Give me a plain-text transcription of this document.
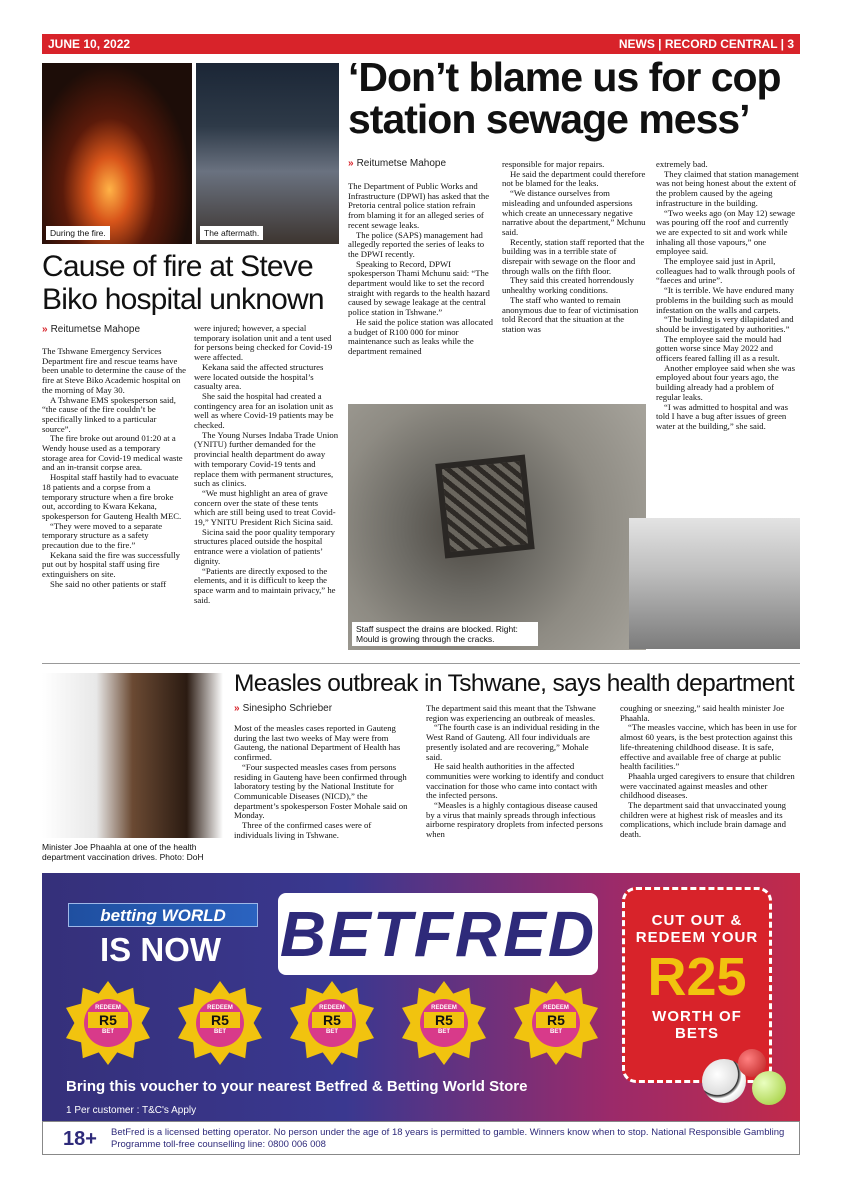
JUNE 10, 2022	NEWS | RECORD CENTRAL | 3
During the fire.	The aftermath.
‘Don’t blame us for cop station sewage mess’
Cause of fire at Steve Biko hospital unknown
» Reitumetse Mahope

The Tshwane Emergency Services Department fire and rescue teams have been unable to determine the cause of the fire at Steve Biko Academic hospital on the morning of May 30.

A Tshwane EMS spokesperson said, “the cause of the fire couldn’t be specifically linked to a particular source”.

The fire broke out around 01:20 at a Wendy house used as a temporary storage area for Covid-19 medical waste and an in-transit corpse area.

Hospital staff hastily had to evacuate 18 patients and a corpse from a temporary structure when a fire broke out, according to Kwara Kekana, spokesperson for Gauteng Health MEC.

“They were moved to a separate temporary structure as a safety precaution due to the fire.”

Kekana said the fire was successfully put out by hospital staff using fire extinguishers on site.

She said no other patients or staff

were injured; however, a special temporary isolation unit and a tent used for persons being checked for Covid-19 were affected.

Kekana said the affected structures were located outside the hospital’s casualty area.

She said the hospital had created a contingency area for an isolation unit as well as where Covid-19 patients may be checked.

The Young Nurses Indaba Trade Union (YNITU) further demanded for the provincial health department do away with temporary Covid-19 tents and replace them with permanent structures, such as clinics.

“We must highlight an area of grave concern over the state of these tents which are still being used to treat Covid-19,” YNITU President Rich Sicina said.

Sicina said the poor quality temporary structures placed outside the hospital entrance were a violation of patients’ dignity.

“Patients are directly exposed to the elements, and it is difficult to keep the space warm and to maintain privacy,” he said.

» Reitumetse Mahope

The Department of Public Works and Infrastructure (DPWI) has asked that the Pretoria central police station refrain from blaming it for an alleged series of recent sewage leaks.

The police (SAPS) management had allegedly reported the series of leaks to the DPWI recently.

Speaking to Record, DPWI spokesperson Thami Mchunu said: “The department would like to set the record straight with regards to the health hazard caused by sewage leakage at the central police station in Tshwane.”

He said the police station was allocated a budget of R100 000 for minor maintenance such as leaks while the department remained

responsible for major repairs.

He said the department could therefore not be blamed for the leaks.

“We distance ourselves from misleading and unfounded aspersions which create an unnecessary negative narrative about the department,” Mchunu said.

Recently, station staff reported that the building was in a terrible state of disrepair with sewage on the floor and through walls on the fifth floor.

They said this created horrendously unhealthy working conditions.

The staff who wanted to remain anonymous due to fear of victimisation told Record that the situation at the station was

extremely bad.

They claimed that station management was not being honest about the extent of the problem caused by the ageing infrastructure in the building.

“Two weeks ago (on May 12) sewage was pouring off the roof and currently we are expected to sit and work while inhaling all those vapours,” one employee said.

The employee said just in April, colleagues had to walk through pools of “faeces and urine”.

“It is terrible. We have endured many problems in the building such as mould infestation on the walls and carpets.

“The building is very dilapidated and should be investigated by authorities.”

The employee said the mould had gotten worse since May 2022 and officers feared falling ill as a result.

Another employee said when she was employed about four years ago, the building already had a problem of regular leaks.

“I was admitted to hospital and was told I have a bug after issues of green water at the building,” she said.

Staff suspect the drains are blocked. Right: Mould is growing through the cracks.
Minister Joe Phaahla at one of the health department vaccination drives. Photo: DoH
Measles outbreak in Tshwane, says health department
» Sinesipho Schrieber

Most of the measles cases reported in Gauteng during the last two weeks of May were from Gauteng, the national Department of Health has confirmed.

“Four suspected measles cases from persons residing in Gauteng have been confirmed through laboratory testing by the National Institute for Communicable Diseases (NICD),” the department’s spokesperson Foster Mohale said on Monday.

Three of the confirmed cases were of individuals living in Tshwane.

The department said this meant that the Tshwane region was experiencing an outbreak of measles.

“The fourth case is an individual residing in the West Rand of Gauteng. All four individuals are presently isolated and are recovering,” Mohale said.

He said health authorities in the affected communities were working to identify and conduct vaccination for those who came into contact with the infected persons.

“Measles is a highly contagious disease caused by a virus that mainly spreads through infectious airborne respiratory droplets from infected persons when

coughing or sneezing,” said health minister Joe Phaahla.

“The measles vaccine, which has been in use for almost 60 years, is the best protection against this life-threatening childhood disease. It is safe, effective and available free of charge at public health facilities.”

Phaahla urged caregivers to ensure that children were vaccinated against measles and other childhood diseases.

The department said that unvaccinated young children were at highest risk of measles and its complications, which include brain damage and death.

betting WORLD
IS NOW BETFRED
REDEEM
R5
BET
REDEEM
R5
BET
REDEEM
R5
BET
REDEEM
R5
BET
REDEEM
R5
BET
CUT OUT &
REDEEM YOUR
R25
WORTH OF
BETS
Bring this voucher to your nearest Betfred & Betting World Store
1 Per customer : T&C's Apply
18+ BetFred is a licensed betting operator. No person under the age of 18 years is permitted to gamble. Winners know when to stop. National Responsible Gambling Programme toll-free counselling line: 0800 006 008
